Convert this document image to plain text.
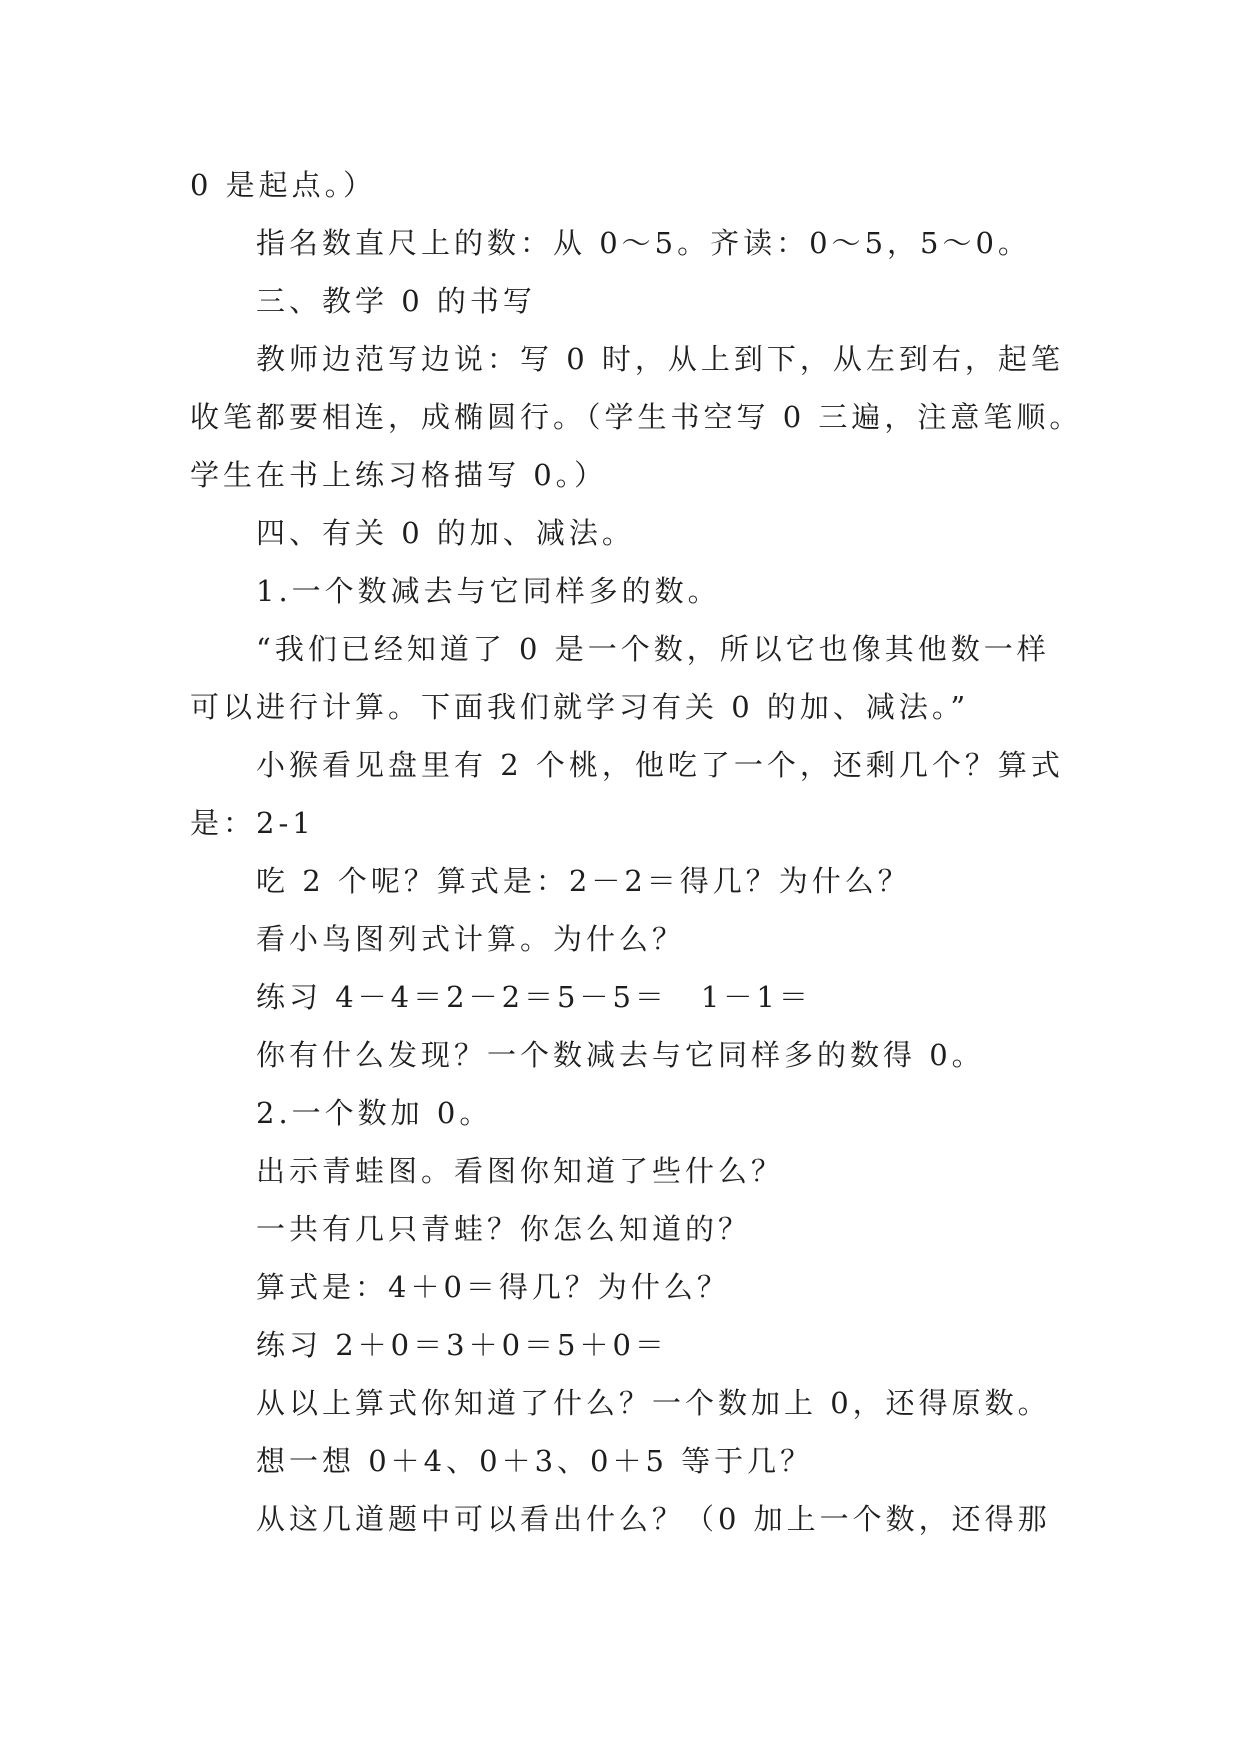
0 是起点。）
指名数直尺上的数：从 0～5。齐读：0～5，5～0。
三、教学 0 的书写
教师边范写边说：写 0 时，从上到下，从左到右，起笔
收笔都要相连，成椭圆行。（学生书空写 0 三遍，注意笔顺。
学生在书上练习格描写 0。）
四、有关 0 的加、减法。
1.一个数减去与它同样多的数。
“我们已经知道了 0 是一个数，所以它也像其他数一样
可以进行计算。下面我们就学习有关 0 的加、减法。”
小猴看见盘里有 2 个桃，他吃了一个，还剩几个？算式
是：2-1
吃 2 个呢？算式是：2－2＝得几？为什么？
看小鸟图列式计算。为什么？
练习 4－4＝2－2＝5－5＝　1－1＝
你有什么发现？一个数减去与它同样多的数得 0。
2.一个数加 0。
出示青蛙图。看图你知道了些什么？
一共有几只青蛙？你怎么知道的？
算式是：4＋0＝得几？为什么？
练习 2＋0＝3＋0＝5＋0＝
从以上算式你知道了什么？一个数加上 0，还得原数。
想一想 0＋4、0＋3、0＋5 等于几？
从这几道题中可以看出什么？（0 加上一个数，还得那
